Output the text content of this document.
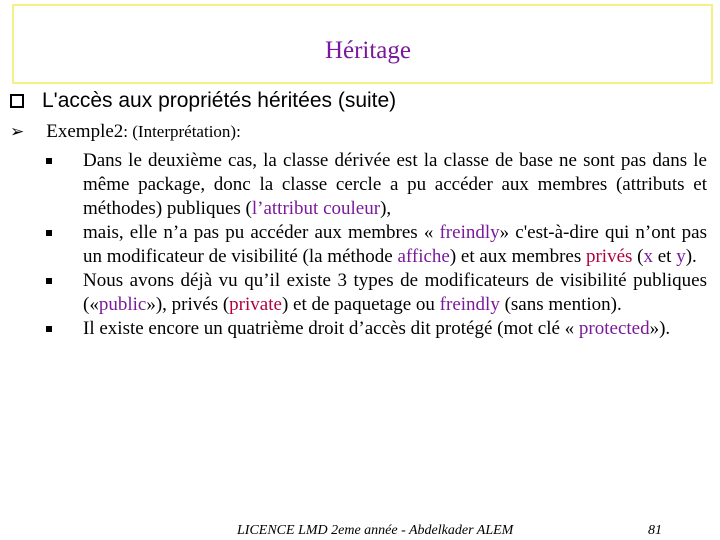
Héritage
L'accès aux propriétés héritées (suite)
➢ Exemple2: (Interprétation):
Dans le deuxième cas, la classe dérivée est la classe de base ne sont pas dans le même package, donc la classe cercle a pu accéder aux membres (attributs et méthodes) publiques (l’attribut couleur),
mais, elle n’a pas pu accéder aux membres « freindly» c'est-à-dire qui n’ont pas un modificateur de visibilité (la méthode affiche) et aux membres privés (x et y).
Nous avons déjà vu qu’il existe 3 types de modificateurs de visibilité publiques («public»), privés (private) et de paquetage ou freindly (sans mention).
Il existe encore un quatrième droit d’accès dit protégé (mot clé « protected»).
LICENCE LMD 2eme année - Abdelkader ALEM	81
